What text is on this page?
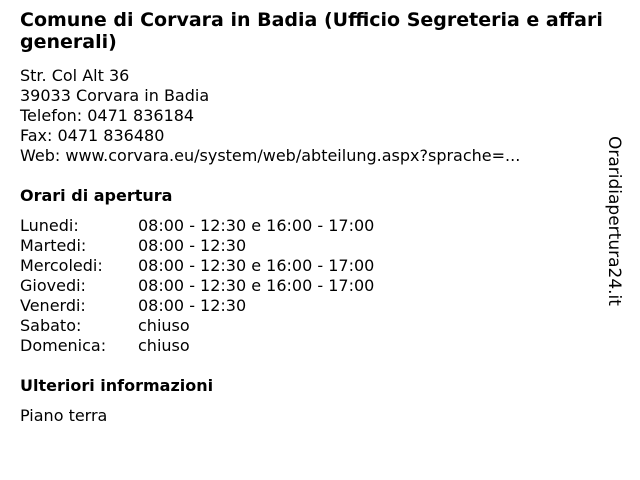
Comune di Corvara in Badia (Ufficio Segreteria e affari generali)
Str. Col Alt 36
39033 Corvara in Badia
Telefon: 0471 836184
Fax: 0471 836480
Web: www.corvara.eu/system/web/abteilung.aspx?sprache=...
Orari di apertura
Lunedi:	08:00 - 12:30 e 16:00 - 17:00
Martedi:	08:00 - 12:30
Mercoledi:	08:00 - 12:30 e 16:00 - 17:00
Giovedi:	08:00 - 12:30 e 16:00 - 17:00
Venerdi:	08:00 - 12:30
Sabato:	chiuso
Domenica:	chiuso
Ulteriori informazioni
Piano terra
Oraridiapertura24.it
